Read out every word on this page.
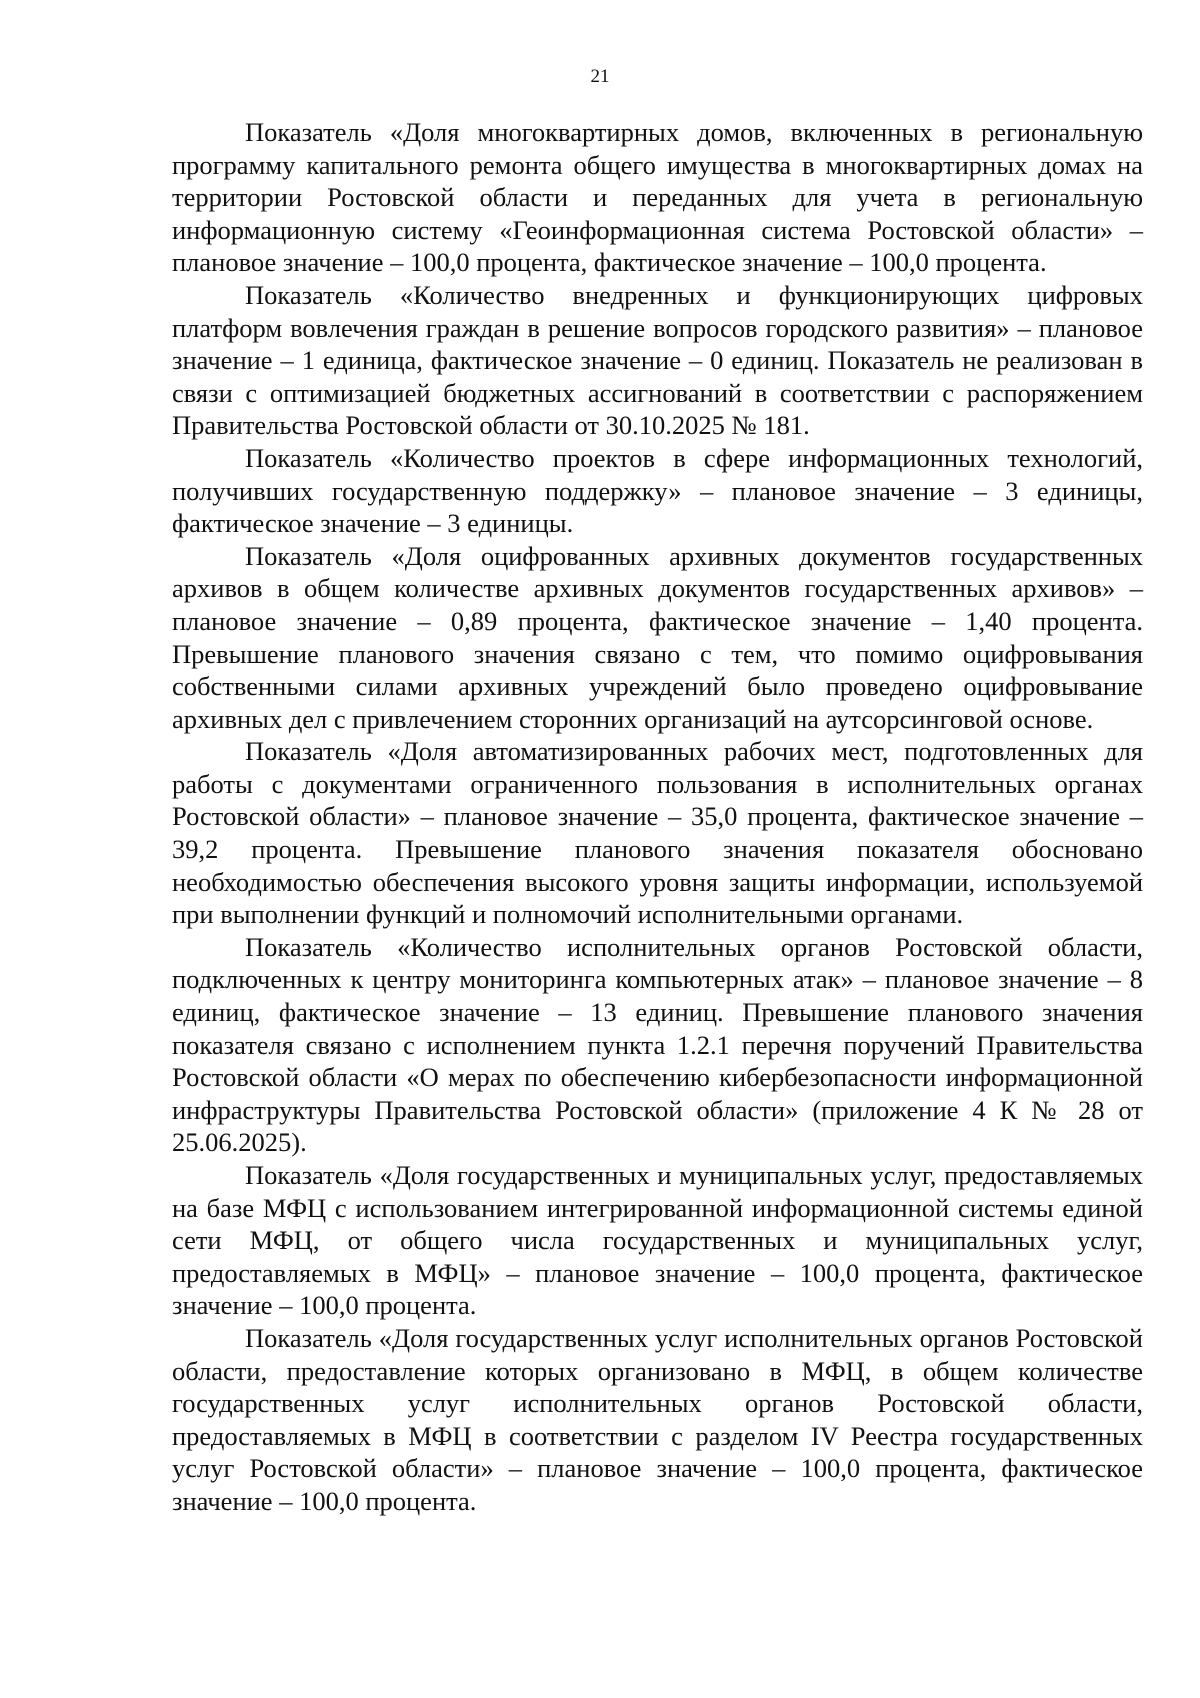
21

Показатель «Доля многоквартирных домов, включенных в региональную программу капитального ремонта общего имущества в многоквартирных домах на территории Ростовской области и переданных для учета в региональную информационную систему «Геоинформационная система Ростовской области» – плановое значение – 100,0 процента, фактическое значение – 100,0 процента.

Показатель «Количество внедренных и функционирующих цифровых платформ вовлечения граждан в решение вопросов городского развития» – плановое значение – 1 единица, фактическое значение – 0 единиц. Показатель не реализован в связи с оптимизацией бюджетных ассигнований в соответствии с распоряжением Правительства Ростовской области от 30.10.2025 № 181.

Показатель «Количество проектов в сфере информационных технологий, получивших государственную поддержку» – плановое значение – 3 единицы, фактическое значение – 3 единицы.

Показатель «Доля оцифрованных архивных документов государственных архивов в общем количестве архивных документов государственных архивов» – плановое значение – 0,89 процента, фактическое значение – 1,40 процента. Превышение планового значения связано с тем, что помимо оцифровывания собственными силами архивных учреждений было проведено оцифровывание архивных дел с привлечением сторонних организаций на аутсорсинговой основе.

Показатель «Доля автоматизированных рабочих мест, подготовленных для работы с документами ограниченного пользования в исполнительных органах Ростовской области» – плановое значение – 35,0 процента, фактическое значение – 39,2 процента. Превышение планового значения показателя обосновано необходимостью обеспечения высокого уровня защиты информации, используемой при выполнении функций и полномочий исполнительными органами.

Показатель «Количество исполнительных органов Ростовской области, подключенных к центру мониторинга компьютерных атак» – плановое значение – 8 единиц, фактическое значение – 13 единиц. Превышение планового значения показателя связано с исполнением пункта 1.2.1 перечня поручений Правительства Ростовской области «О мерах по обеспечению кибербезопасности информационной инфраструктуры Правительства Ростовской области» (приложение 4 К № 28 от 25.06.2025).

Показатель «Доля государственных и муниципальных услуг, предоставляемых на базе МФЦ с использованием интегрированной информационной системы единой сети МФЦ, от общего числа государственных и муниципальных услуг, предоставляемых в МФЦ» – плановое значение – 100,0 процента, фактическое значение – 100,0 процента.

Показатель «Доля государственных услуг исполнительных органов Ростовской области, предоставление которых организовано в МФЦ, в общем количестве государственных услуг исполнительных органов Ростовской области, предоставляемых в МФЦ в соответствии с разделом IV Реестра государственных услуг Ростовской области» – плановое значение – 100,0 процента, фактическое значение – 100,0 процента.
